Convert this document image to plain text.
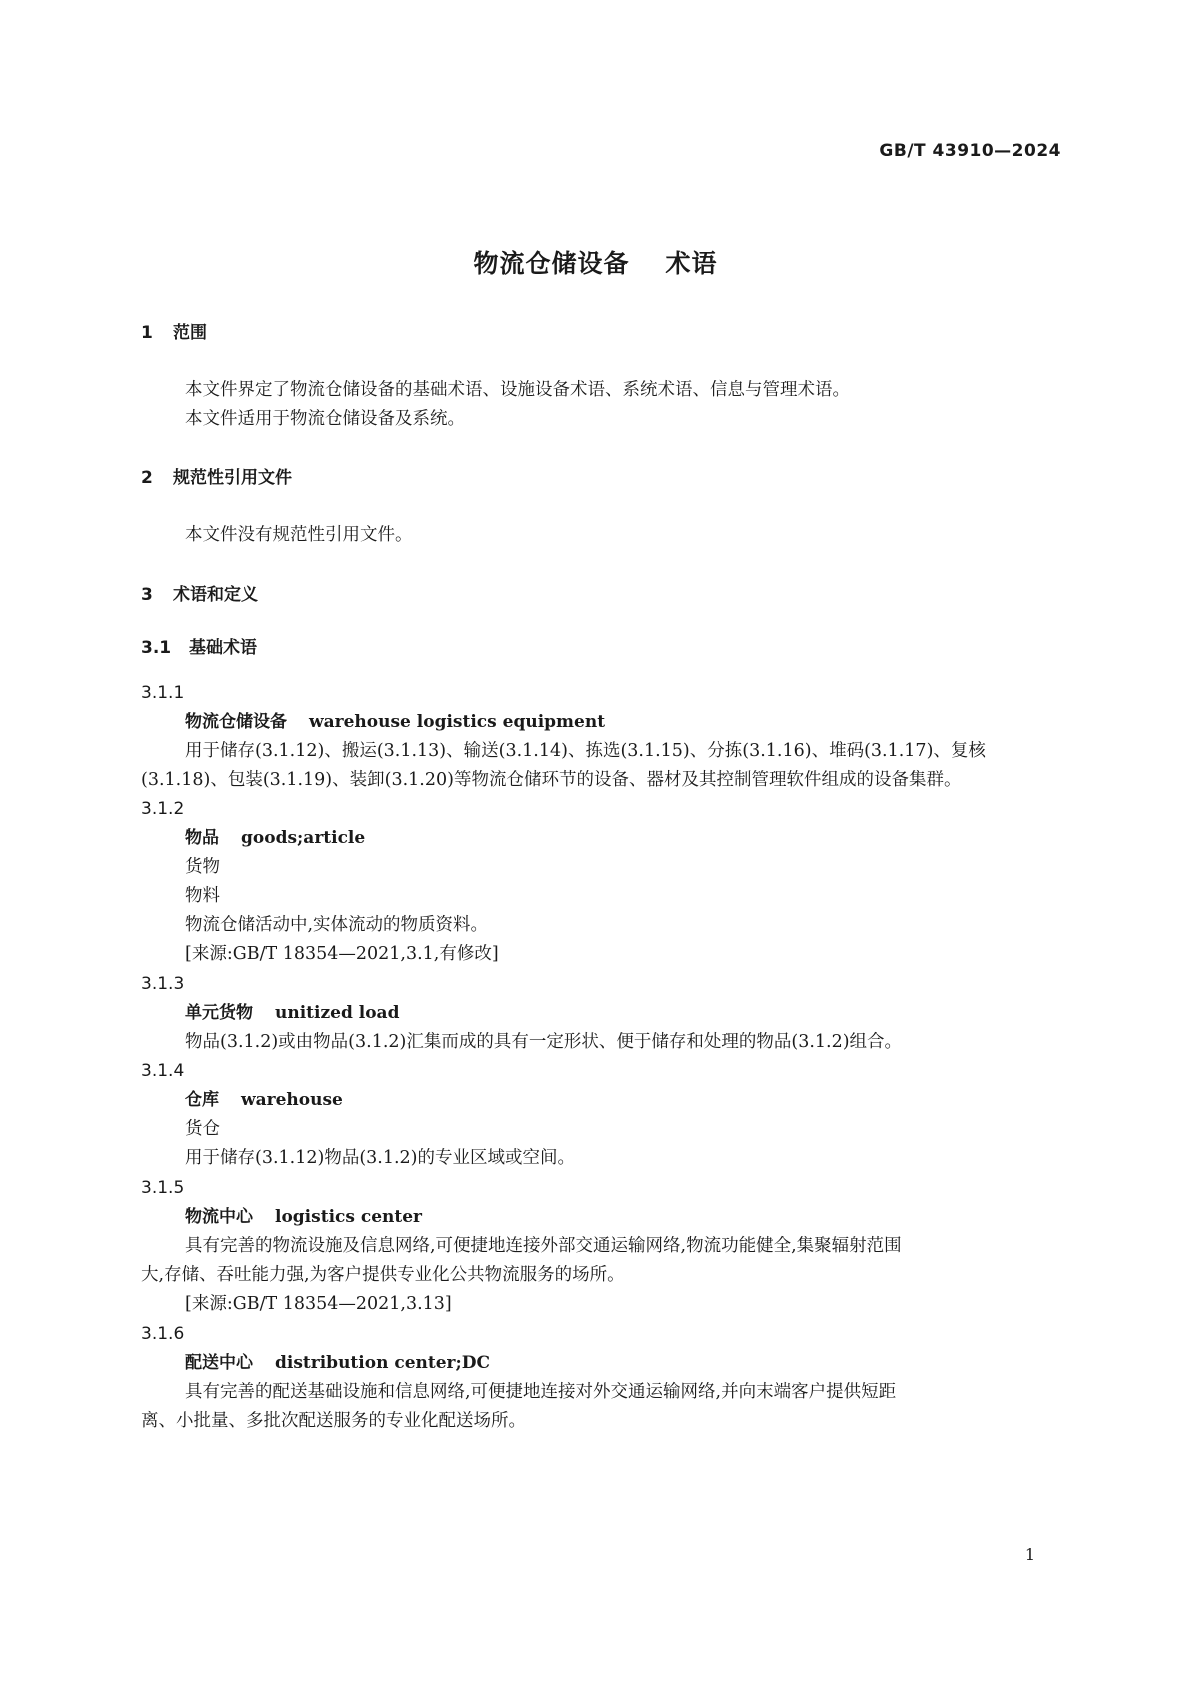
GB/T 43910—2024
物流仓储设备 术语
1 范围
本文件界定了物流仓储设备的基础术语、设施设备术语、系统术语、信息与管理术语。
本文件适用于物流仓储设备及系统。
2 规范性引用文件
本文件没有规范性引用文件。
3 术语和定义
3.1 基础术语
3.1.1
物流仓储设备 warehouse logistics equipment
用于储存(3.1.12)、搬运(3.1.13)、输送(3.1.14)、拣选(3.1.15)、分拣(3.1.16)、堆码(3.1.17)、复核
(3.1.18)、包装(3.1.19)、装卸(3.1.20)等物流仓储环节的设备、器材及其控制管理软件组成的设备集群。
3.1.2
物品 goods;article
货物
物料
物流仓储活动中,实体流动的物质资料。
[来源:GB/T 18354—2021,3.1,有修改]
3.1.3
单元货物 unitized load
物品(3.1.2)或由物品(3.1.2)汇集而成的具有一定形状、便于储存和处理的物品(3.1.2)组合。
3.1.4
仓库 warehouse
货仓
用于储存(3.1.12)物品(3.1.2)的专业区域或空间。
3.1.5
物流中心 logistics center
具有完善的物流设施及信息网络,可便捷地连接外部交通运输网络,物流功能健全,集聚辐射范围
大,存储、吞吐能力强,为客户提供专业化公共物流服务的场所。
[来源:GB/T 18354—2021,3.13]
3.1.6
配送中心 distribution center;DC
具有完善的配送基础设施和信息网络,可便捷地连接对外交通运输网络,并向末端客户提供短距
离、小批量、多批次配送服务的专业化配送场所。
1
